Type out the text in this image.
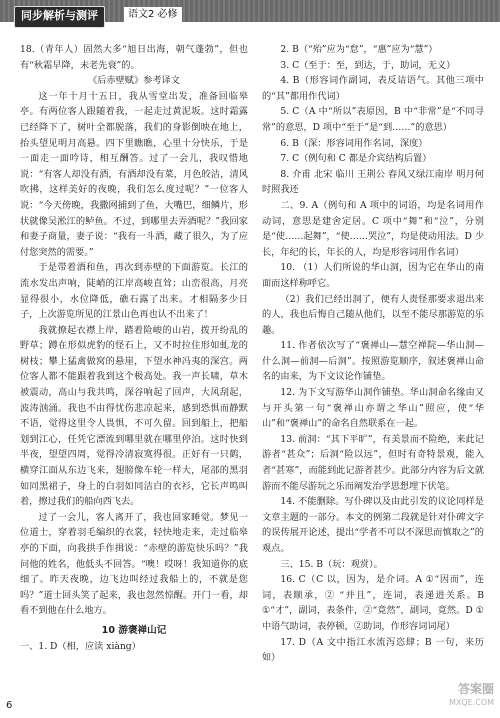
同步解析与测评	语文2 必修

18.（青年人）固然大多“旭日出海，朝气蓬勃”，但也有“秋霜早降，未老先衰”的。

《后赤壁赋》参考译文

这一年十月十五日，我从雪堂出发，准备回临皋亭。有两位客人跟随着我，一起走过黄泥坂。这时霜露已经降下了，树叶全都脱落，我们的身影倒映在地上，抬头望见明月高悬。四下里瞧瞧，心里十分快乐，于是一面走一面吟诗，相互酬答。过了一会儿，我叹惜地说：“有客人却没有酒，有酒却没有菜，月色皎洁，清风吹拂，这样美好的夜晚，我们怎么度过呢？”一位客人说：“今天傍晚，我撒网捕到了鱼，大嘴巴，细鳞片，形状就像吴淞江的鲈鱼。不过，到哪里去弄酒呢？”我回家和妻子商量，妻子说：“我有一斗酒，藏了很久，为了应付您突然的需要。”

于是带着酒和鱼，再次到赤壁的下面游览。长江的流水发出声响，陡峭的江岸高峻直耸；山峦很高，月亮显得很小，水位降低，礁石露了出来。才相隔多少日子，上次游览所见的江景山色再也认不出来了！

我就撩起衣襟上岸，踏着险峻的山岩，拨开纷乱的野草；蹲在形似虎豹的怪石上，又不时拉住形如虬龙的树枝；攀上猛禽做窝的悬崖，下望水神冯夷的深宫。两位客人都不能跟着我到这个极高处。我一声长啸，草木被震动，高山与我共鸣，深谷响起了回声，大风刮起，波涛汹涌。我也不由得忧伤悲凉起来，感到恐惧而静默不语，觉得这里令人畏惧，不可久留。回到船上，把船划到江心，任凭它漂流到哪里就在哪里停泊。这时快到半夜，望望四周，觉得冷清寂寞得很。正好有一只鹤，横穿江面从东边飞来，翅膀像车轮一样大，尾部的黑羽如同黑裙子，身上的白羽如同洁白的衣衫，它长声鸣叫着，擦过我们的船向西飞去。

过了一会儿，客人离开了，我也回家睡觉。梦见一位道士，穿着羽毛编织的衣裳，轻快地走来，走过临皋亭的下面，向我拱手作揖说：“赤壁的游览快乐吗？”我问他的姓名，他低头不回答。“噢！哎呀！我知道你的底细了。昨天夜晚，边飞边叫经过我船上的，不就是您吗？”道士回头笑了起来，我也忽然惊醒。开门一看，却看不到他在什么地方。

10 游褒禅山记

一、1. D（相，应读 xiàng）

2. B（“殆”应为“怠”，“惠”应为“慧”）

3. C（至于：至，到达，于，助词，无义）

4. B（形容词作副词，表反诘语气。其他三项中的“其”都用作代词）

5. C（A 中“所以”表原因，B 中“非常”是“不同寻常”的意思，D 项中“至于”是“到……”的意思）

6. B（深：形容词用作名词，深度）

7. C（例句和 C 都是介宾结构后置）

8. 介甫 北宋 临川 王荆公 春风又绿江南岸 明月何时照我还

二、9. A（例句和 A 项中的词语，均是名词用作动词，意思是建舍定居。C 项中“舞”和“泣”，分别是“使……起舞”，“使……哭泣”，均是使动用法。D 少长，年纪的长，年长的人，均是形容词用作名词）

10. （1）人们所说的华山洞，因为它在华山的南面而这样称呼它。

（2）我们已经出洞了，便有人责怪那要求退出来的人，我也后悔自己随从他们，以至不能尽那游览的乐趣。

11. 作者依次写了“褒禅山—慧空禅院—华山洞—什么洞—前洞—后洞”。按照游览顺序，叙述褒禅山命名的由来，为下文议论作铺垫。

12. 为下文写游华山洞作铺垫。华山洞命名缘由又与开头第一句“褒禅山亦谓之华山”照应，使“华山”和“褒禅山”的命名自然联系在一起。

13. 前洞：“其下平旷”，有美景而不险绝，来此记游者“甚众”；后洞“险以远”，但时有奇特景观，能入者“甚寒”，而能到此记游者甚少。此部分内容为后文就游而不能尽游玩之乐而阐发治学思想埋下伏笔。

14. 不能删除。写仆碑以及由此引发的议论同样是文章主题的一部分。本文的例第二段就是针对仆碑文字的误传展开论述，提出“学者不可以不深思而慎取之”的观点。

三、15. B（玩：观赏）。

16. C（C 以，因为，是介词。A ①“因而”，连词，表顺承，② “并且”，连词，表递进关系。B ①“才”，副词，表条件，②“竟然”，副词，竟然。D ①中语气助词，表停顿，②助词，作形容词词尾）

17. D（A 文中指江水流泻恣肆；B 一句，来历如）

6
答案圈
MXQE.COM
